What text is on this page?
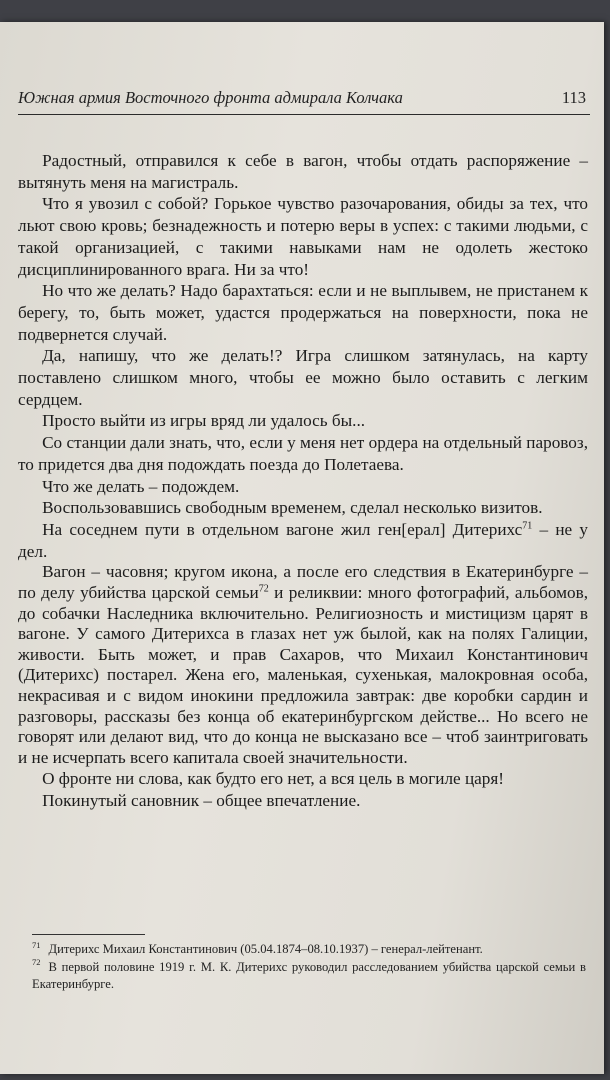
Южная армия Восточного фронта адмирала Колчака	113

Радостный, отправился к себе в вагон, чтобы отдать распоряжение – вытянуть меня на магистраль.

Что я увозил с собой? Горькое чувство разочарования, обиды за тех, что льют свою кровь; безнадежность и потерю веры в успех: с такими людьми, с такой организацией, с такими навыками нам не одолеть жестоко дисциплинированного врага. Ни за что!

Но что же делать? Надо барахтаться: если и не выплывем, не пристанем к берегу, то, быть может, удастся продержаться на поверхности, пока не подвернется случай.

Да, напишу, что же делать!? Игра слишком затянулась, на карту поставлено слишком много, чтобы ее можно было оставить с легким сердцем.

Просто выйти из игры вряд ли удалось бы...

Со станции дали знать, что, если у меня нет ордера на отдельный паровоз, то придется два дня подождать поезда до Полетаева.

Что же делать – подождем.

Воспользовавшись свободным временем, сделал несколько визитов.

На соседнем пути в отдельном вагоне жил ген[ерал] Дитерихс$^{71}$ – не у дел.

Вагон – часовня; кругом икона, а после его следствия в Екатеринбурге – по делу убийства царской семьи$^{72}$ и реликвии: много фотографий, альбомов, до собачки Наследника включительно. Религиозность и мистицизм царят в вагоне. У самого Дитерихса в глазах нет уж былой, как на полях Галиции, живости. Быть может, и прав Сахаров, что Михаил Константинович (Дитерихс) постарел. Жена его, маленькая, сухенькая, малокровная особа, некрасивая и с видом инокини предложила завтрак: две коробки сардин и разговоры, рассказы без конца об екатеринбургском действе... Но всего не говорят или делают вид, что до конца не высказано все – чтоб заинтриговать и не исчерпать всего капитала своей значительности.

О фронте ни слова, как будто его нет, а вся цель в могиле царя!

Покинутый сановник – общее впечатление.

$^{71}$ Дитерихс Михаил Константинович (05.04.1874–08.10.1937) – генерал-лейтенант.

$^{72}$ В первой половине 1919 г. М. К. Дитерихс руководил расследованием убийства царской семьи в Екатеринбурге.
